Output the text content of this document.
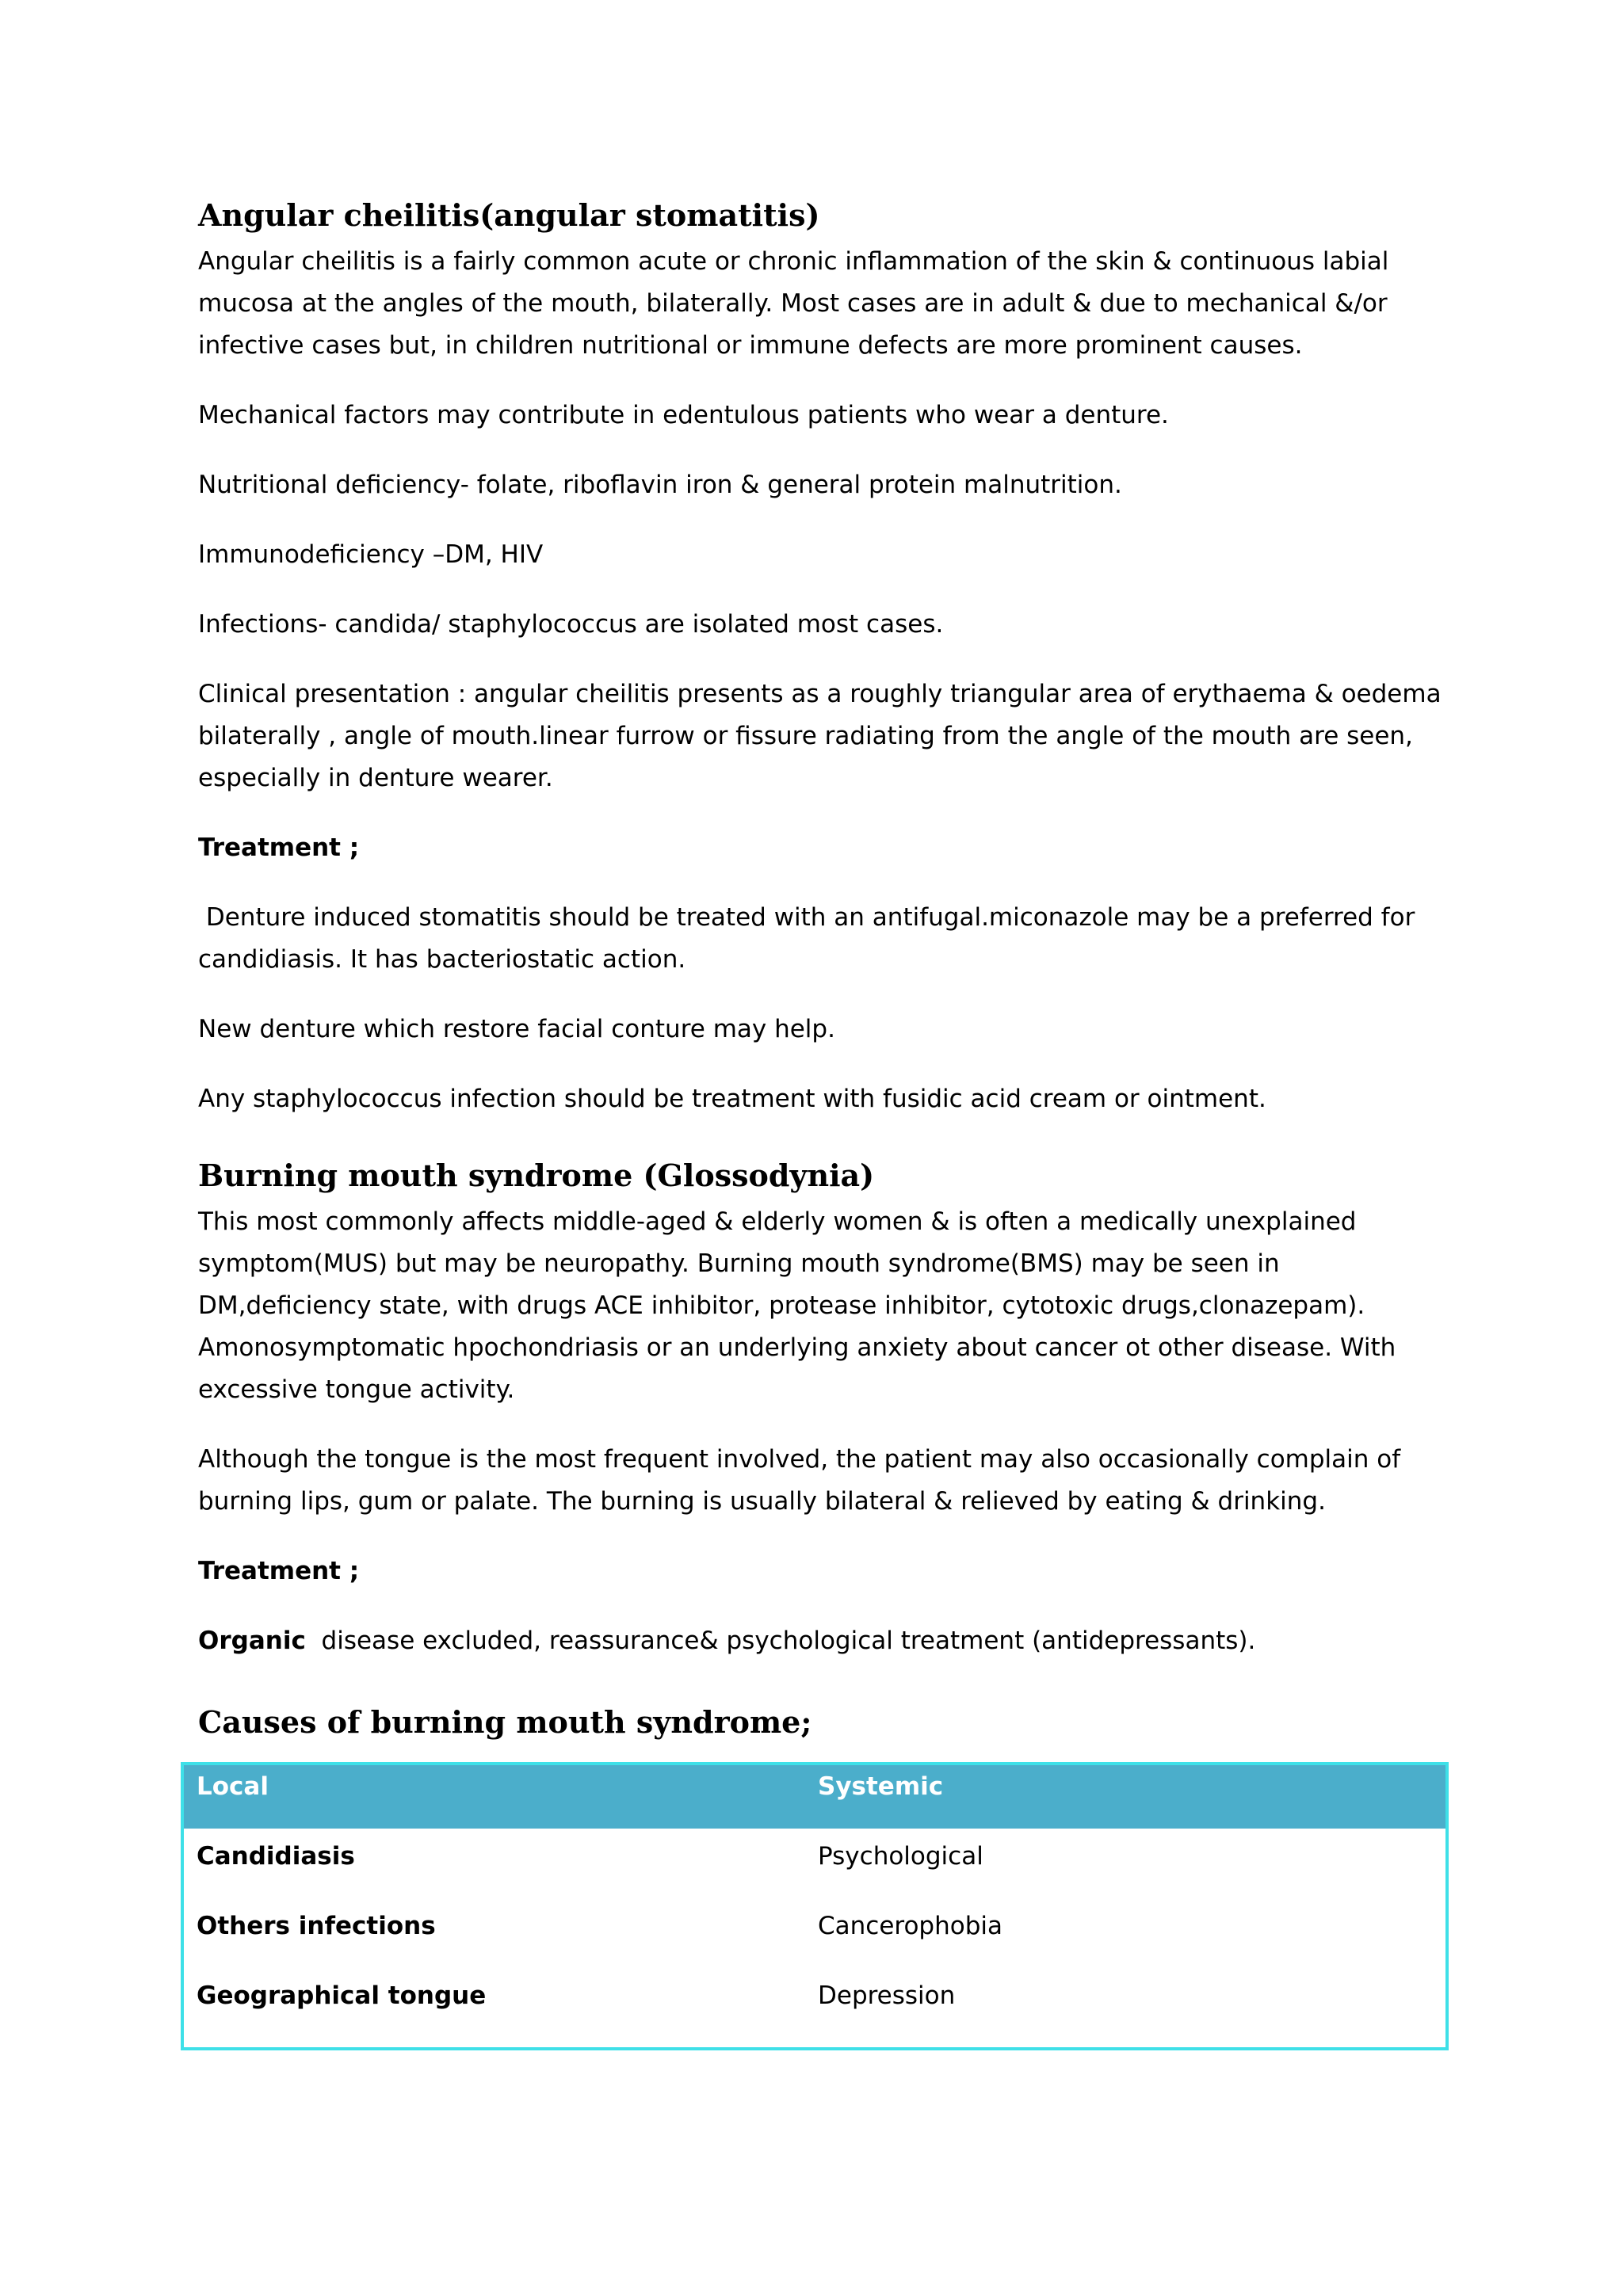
Angular cheilitis(angular stomatitis)

Angular cheilitis is a fairly common acute or chronic inflammation of the skin & continuous labial mucosa at the angles of the mouth, bilaterally. Most cases are in adult & due to mechanical &/or infective cases but, in children nutritional or immune defects are more prominent causes.

Mechanical factors may contribute in edentulous patients who wear a denture.

Nutritional deficiency- folate, riboflavin iron & general protein malnutrition.

Immunodeficiency –DM, HIV

Infections- candida/ staphylococcus are isolated most cases.

Clinical presentation : angular cheilitis presents as a roughly triangular area of erythaema & oedema bilaterally , angle of mouth.linear furrow or fissure radiating from the angle of the mouth are seen, especially in denture wearer.

Treatment ;

Denture induced stomatitis should be treated with an antifugal.miconazole may be a preferred for candidiasis. It has bacteriostatic action.

New denture which restore facial conture may help.

Any staphylococcus infection should be treatment with fusidic acid cream or ointment.

Burning mouth syndrome (Glossodynia)

This most commonly affects middle-aged & elderly women & is often a medically unexplained symptom(MUS) but may be neuropathy. Burning mouth syndrome(BMS) may be seen in DM,deficiency state, with drugs ACE inhibitor, protease inhibitor, cytotoxic drugs,clonazepam). Amonosymptomatic hpochondriasis or an underlying anxiety about cancer ot other disease. With excessive tongue activity.

Although the tongue is the most frequent involved, the patient may also occasionally complain of burning lips, gum or palate. The burning is usually bilateral & relieved by eating & drinking.

Treatment ;

Organic  disease excluded, reassurance& psychological treatment (antidepressants).

Causes of burning mouth syndrome;
Local	Systemic
Candidiasis	Psychological
Others infections	Cancerophobia
Geographical tongue	Depression
